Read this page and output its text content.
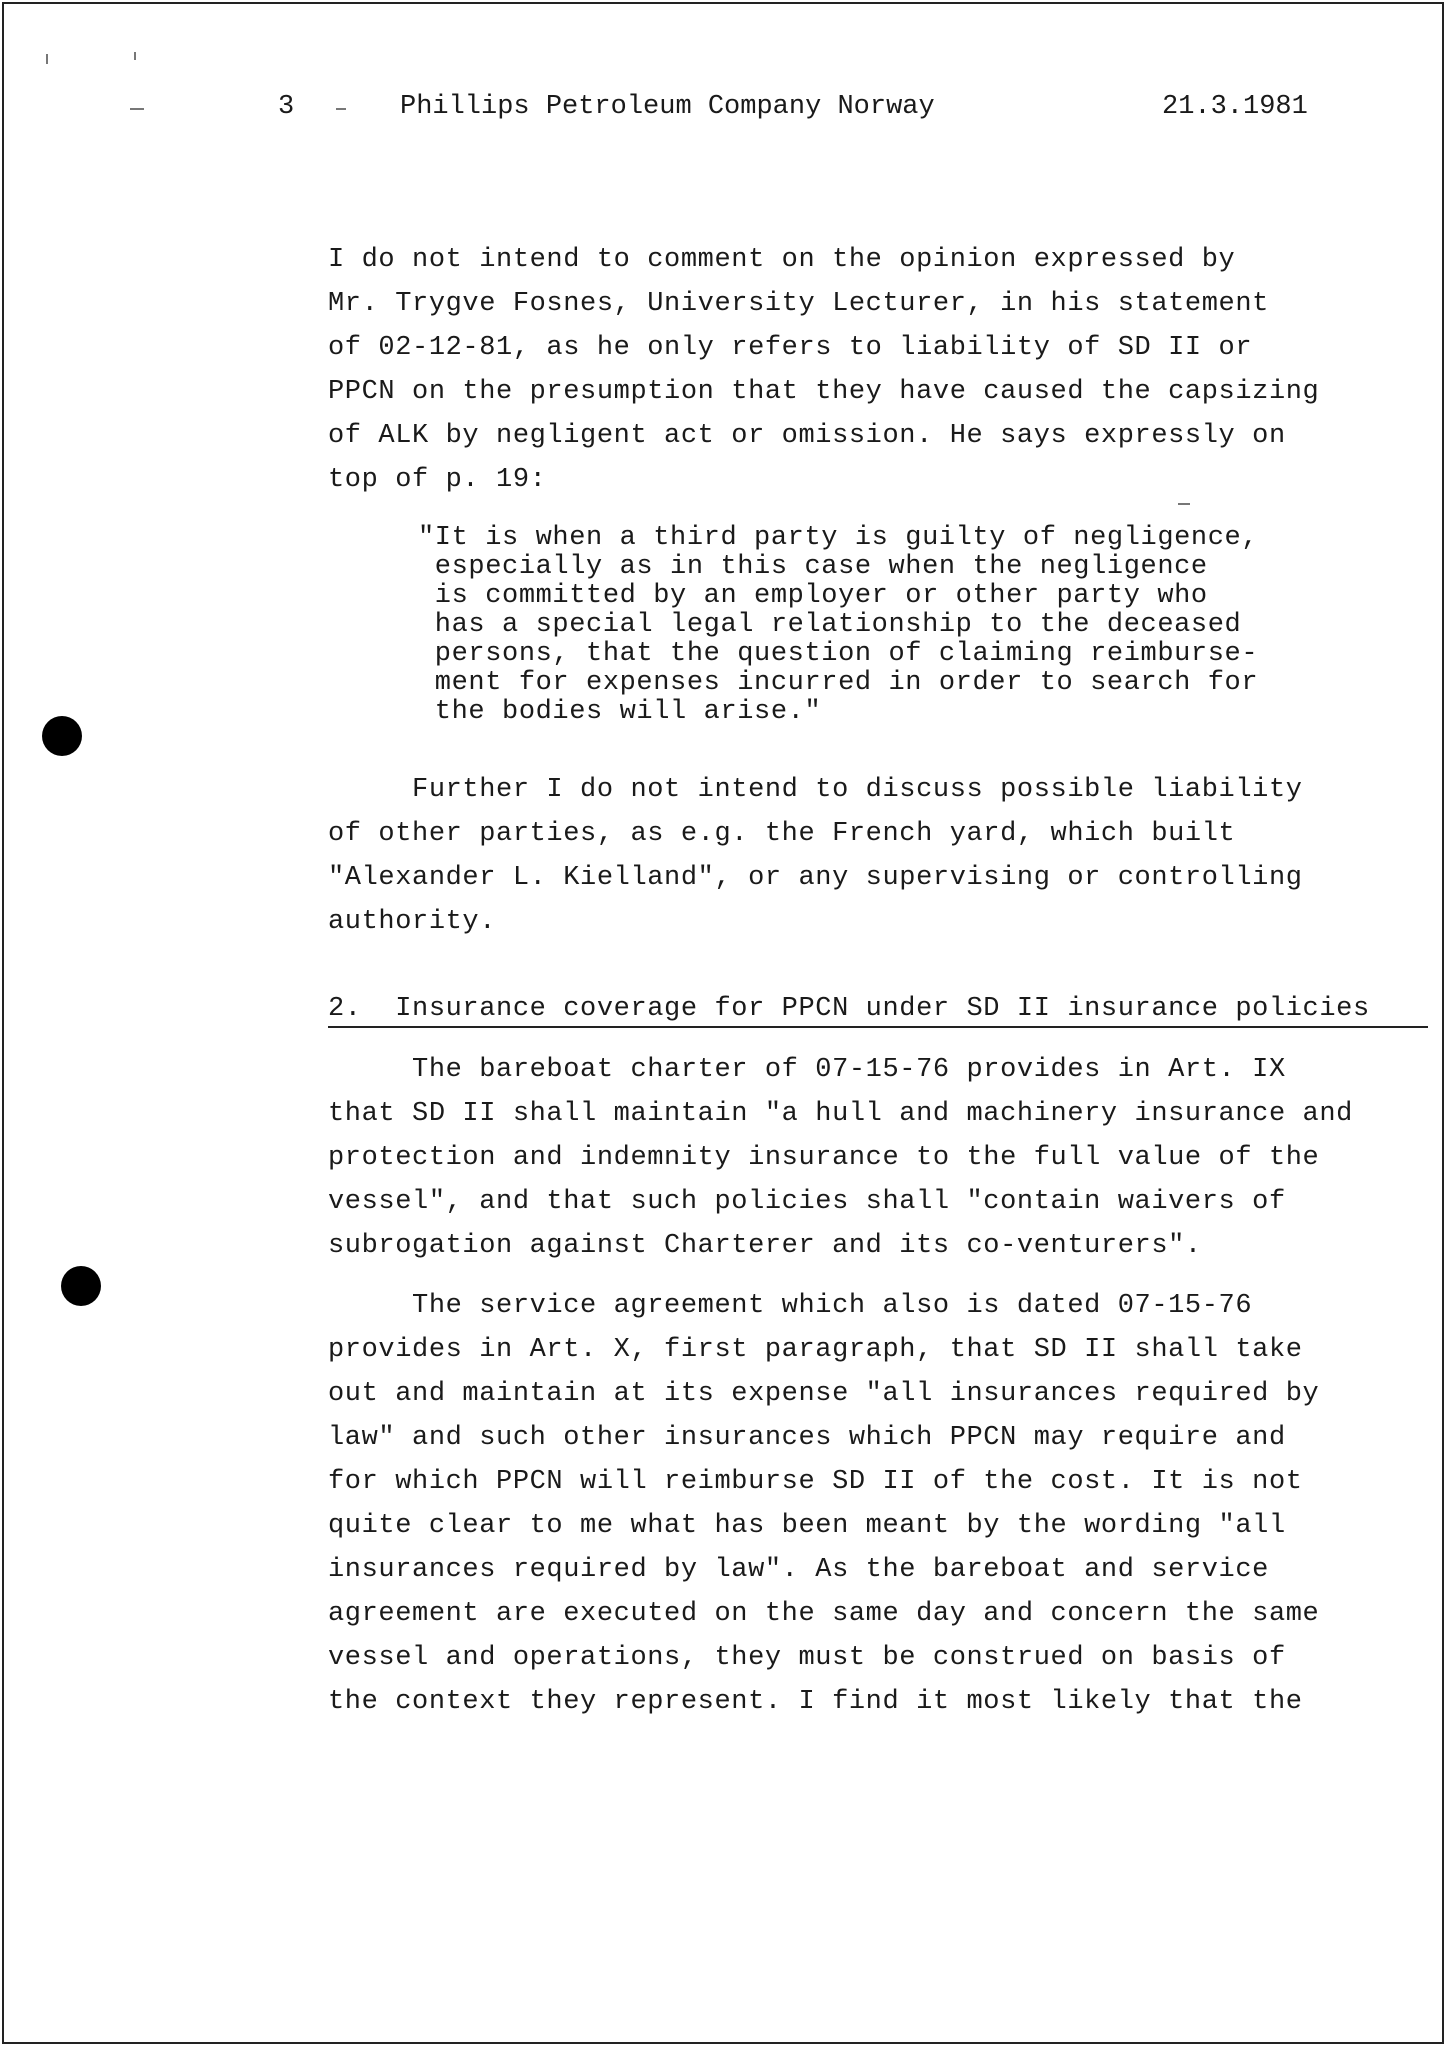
3	Phillips Petroleum Company Norway	21.3.1981
I do not intend to comment on the opinion expressed by
Mr. Trygve Fosnes, University Lecturer, in his statement
of 02-12-81, as he only refers to liability of SD II or
PPCN on the presumption that they have caused the capsizing
of ALK by negligent act or omission. He says expressly on
top of p. 19:
"It is when a third party is guilty of negligence,
especially as in this case when the negligence
is committed by an employer or other party who
has a special legal relationship to the deceased
persons, that the question of claiming reimburse-
ment for expenses incurred in order to search for
the bodies will arise."
Further I do not intend to discuss possible liability
of other parties, as e.g. the French yard, which built
"Alexander L. Kielland", or any supervising or controlling
authority.
2.  Insurance coverage for PPCN under SD II insurance policies
The bareboat charter of 07-15-76 provides in Art. IX
that SD II shall maintain "a hull and machinery insurance and
protection and indemnity insurance to the full value of the
vessel", and that such policies shall "contain waivers of
subrogation against Charterer and its co-venturers".
The service agreement which also is dated 07-15-76
provides in Art. X, first paragraph, that SD II shall take
out and maintain at its expense "all insurances required by
law" and such other insurances which PPCN may require and
for which PPCN will reimburse SD II of the cost. It is not
quite clear to me what has been meant by the wording "all
insurances required by law". As the bareboat and service
agreement are executed on the same day and concern the same
vessel and operations, they must be construed on basis of
the context they represent. I find it most likely that the
